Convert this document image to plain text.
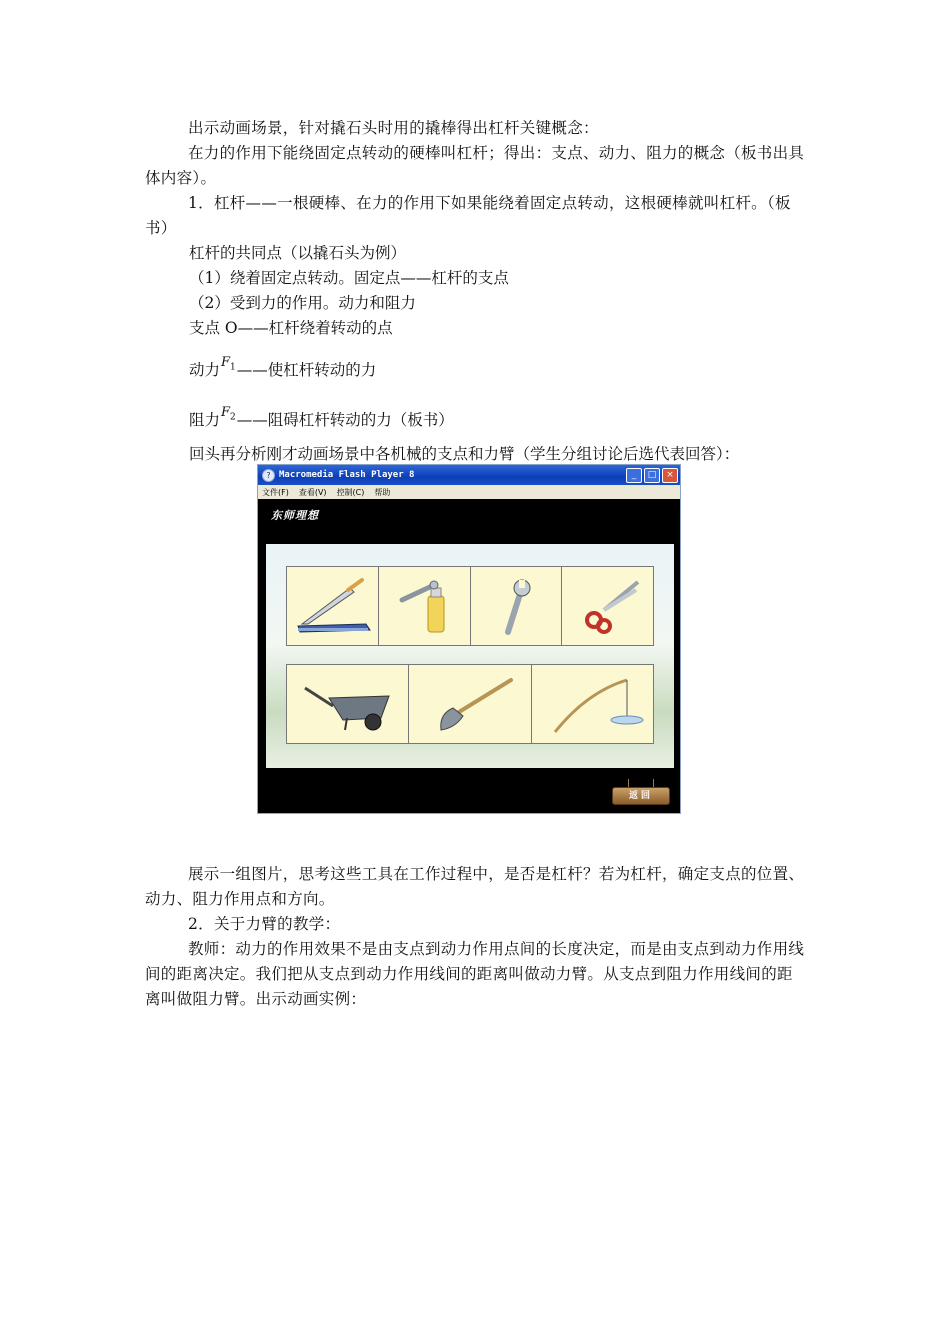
出示动画场景，针对撬石头时用的撬棒得出杠杆关键概念：
在力的作用下能绕固定点转动的硬棒叫杠杆；得出：支点、动力、阻力的概念（板书出具体内容）。
1．杠杆——一根硬棒、在力的作用下如果能绕着固定点转动，这根硬棒就叫杠杆。（板书）
杠杆的共同点（以撬石头为例）
（1）绕着固定点转动。固定点——杠杆的支点
（2）受到力的作用。动力和阻力
支点 O——杠杆绕着转动的点
动力$^{F_1}$——使杠杆转动的力
阻力$^{F_2}$——阻碍杠杆转动的力（板书）
回头再分析刚才动画场景中各机械的支点和力臂（学生分组讨论后选代表回答）：
? Macromedia Flash Player 8	_	□	×
文件(F) 查看(V) 控制(C) 帮助
东师理想
返回
展示一组图片，思考这些工具在工作过程中，是否是杠杆？若为杠杆，确定支点的位置、动力、阻力作用点和方向。
2．关于力臂的教学：
教师：动力的作用效果不是由支点到动力作用点间的长度决定，而是由支点到动力作用线间的距离决定。我们把从支点到动力作用线间的距离叫做动力臂。从支点到阻力作用线间的距离叫做阻力臂。出示动画实例：
